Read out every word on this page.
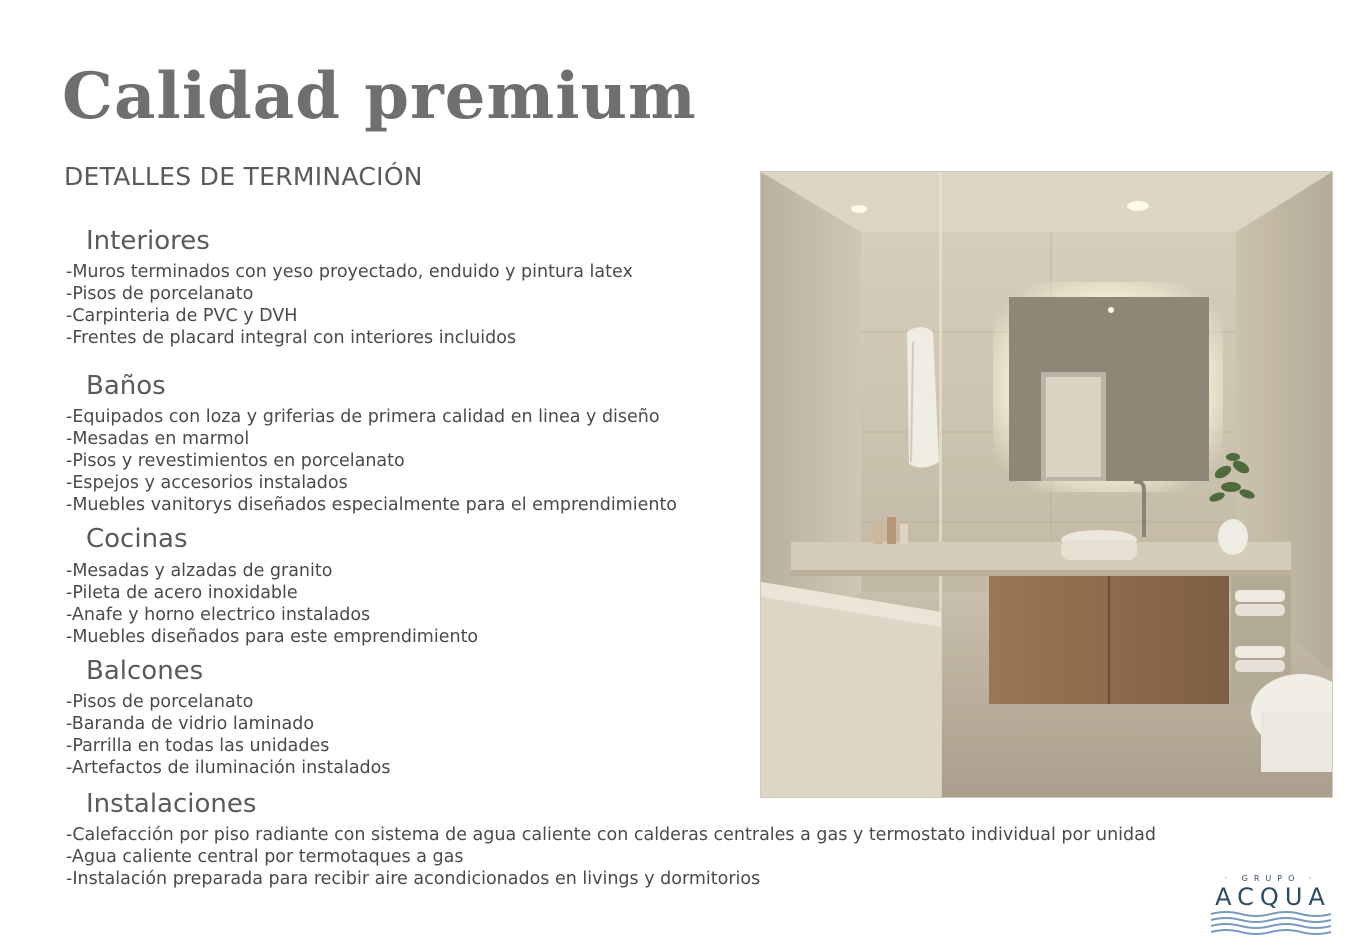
Calidad premium
DETALLES DE TERMINACIÓN
Interiores
-Muros terminados con yeso proyectado, enduido y pintura latex
-Pisos de porcelanato
-Carpinteria de PVC y DVH
-Frentes de placard integral con interiores incluidos
Baños
-Equipados con loza y griferias de primera calidad en linea y diseño
-Mesadas en marmol
-Pisos y revestimientos en porcelanato
-Espejos y accesorios instalados
-Muebles vanitorys diseñados especialmente para el emprendimiento
Cocinas
-Mesadas y alzadas de granito
-Pileta de acero inoxidable
-Anafe y horno electrico instalados
-Muebles diseñados para este emprendimiento
Balcones
-Pisos de porcelanato
-Baranda de vidrio laminado
-Parrilla en todas las unidades
-Artefactos de iluminación instalados
Instalaciones
-Calefacción por piso radiante con sistema de agua caliente con calderas centrales a gas y termostato individual por unidad
-Agua caliente central por termotaques a gas
-Instalación preparada para recibir aire acondicionados en livings y dormitorios	· GRUPO ·
ACQUA
